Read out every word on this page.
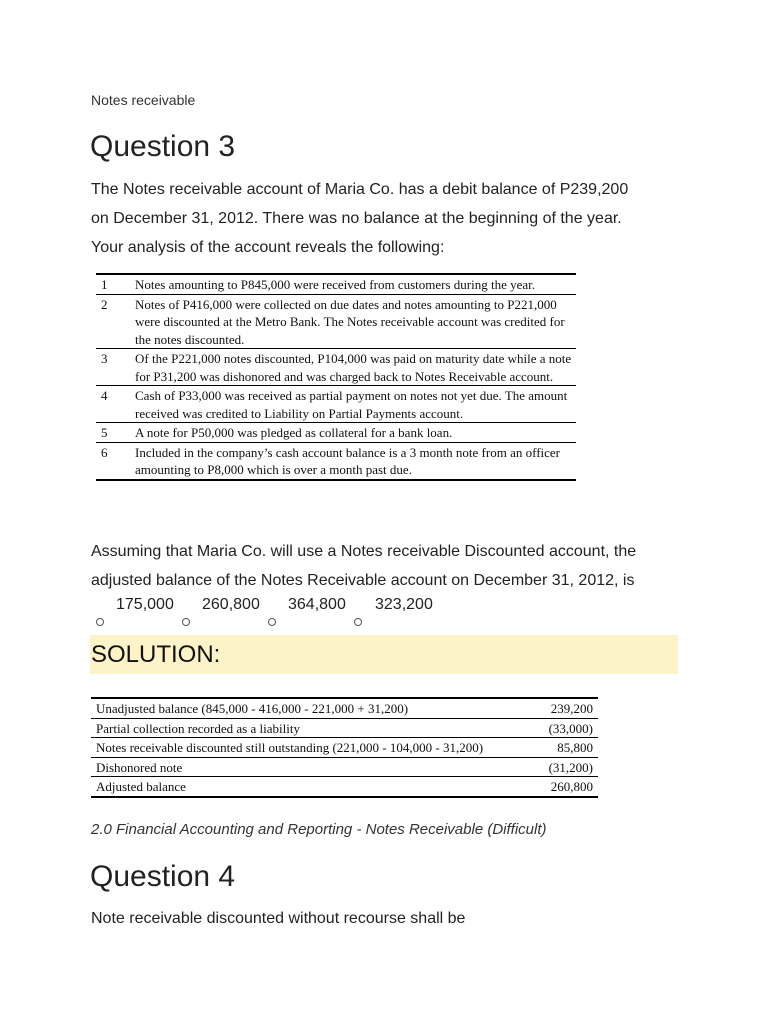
Notes receivable
Question 3
The Notes receivable account of Maria Co. has a debit balance of P239,200
on December 31, 2012. There was no balance at the beginning of the year.
Your analysis of the account reveals the following:
1	Notes amounting to P845,000 were received from customers during the year.
2	Notes of P416,000 were collected on due dates and notes amounting to P221,000 were discounted at the Metro Bank. The Notes receivable account was credited for the notes discounted.
3	Of the P221,000 notes discounted, P104,000 was paid on maturity date while a note for P31,200 was dishonored and was charged back to Notes Receivable account.
4	Cash of P33,000 was received as partial payment on notes not yet due. The amount received was credited to Liability on Partial Payments account.
5	A note for P50,000 was pledged as collateral for a bank loan.
6	Included in the company’s cash account balance is a 3 month note from an officer amounting to P8,000 which is over a month past due.
Assuming that Maria Co. will use a Notes receivable Discounted account, the
adjusted balance of the Notes Receivable account on December 31, 2012, is
175,000 260,800 364,800 323,200
SOLUTION:
Unadjusted balance (845,000 - 416,000 - 221,000 + 31,200)	239,200
Partial collection recorded as a liability	(33,000)
Notes receivable discounted still outstanding (221,000 - 104,000 - 31,200)	85,800
Dishonored note	(31,200)
Adjusted balance	260,800
2.0 Financial Accounting and Reporting - Notes Receivable (Difficult)
Question 4
Note receivable discounted without recourse shall be
